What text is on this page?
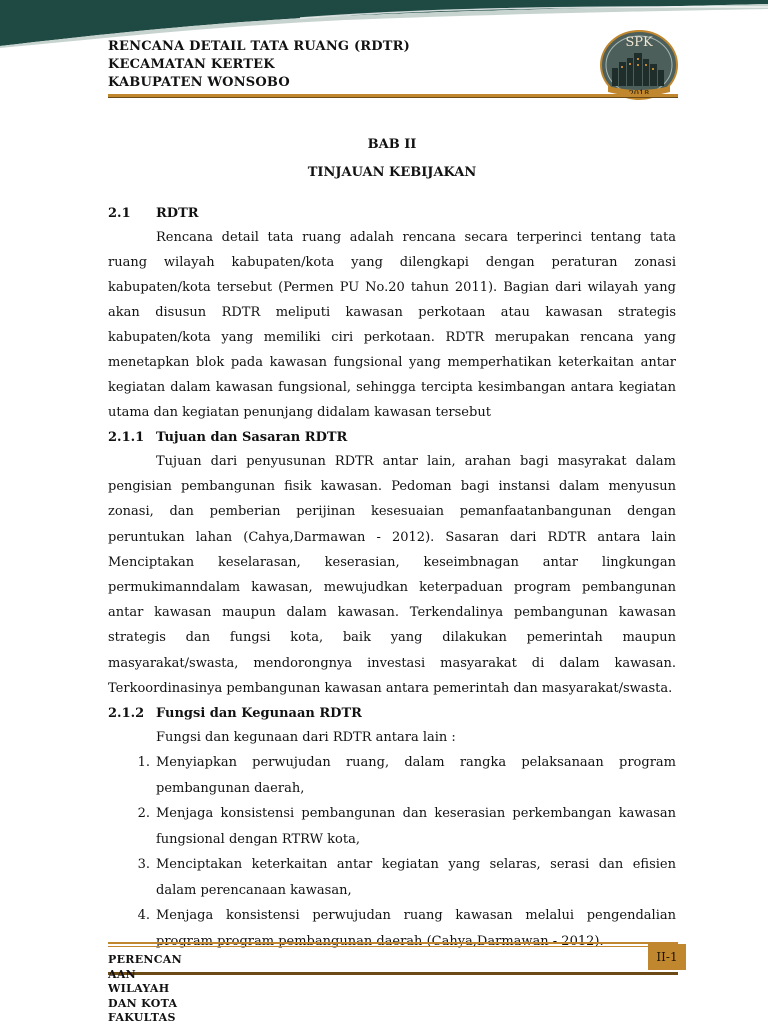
RENCANA DETAIL TATA RUANG (RDTR)
KECAMATAN KERTEK
KABUPATEN WONSOBO
SPK
BAB II
TINJAUAN KEBIJAKAN
2.1	RDTR
Rencana detail tata ruang adalah rencana secara terperinci tentang tata ruang wilayah kabupaten/kota yang dilengkapi dengan peraturan zonasi kabupaten/kota tersebut (Permen PU No.20 tahun 2011). Bagian dari wilayah yang akan disusun RDTR meliputi kawasan perkotaan atau kawasan strategis kabupaten/kota yang memiliki ciri perkotaan. RDTR merupakan rencana yang menetapkan blok pada kawasan fungsional yang memperhatikan keterkaitan antar kegiatan dalam kawasan fungsional, sehingga tercipta kesimbangan antara kegiatan utama dan kegiatan penunjang didalam kawasan tersebut
2.1.1 Tujuan dan Sasaran RDTR
Tujuan dari penyusunan RDTR antar lain, arahan bagi masyrakat dalam pengisian pembangunan fisik kawasan. Pedoman bagi instansi dalam menyusun zonasi, dan pemberian perijinan kesesuaian pemanfaatanbangunan dengan peruntukan lahan (Cahya,Darmawan - 2012). Sasaran dari RDTR antara lain Menciptakan keselarasan, keserasian, keseimbnagan antar lingkungan permukimanndalam kawasan, mewujudkan keterpaduan program pembangunan antar kawasan maupun dalam kawasan. Terkendalinya pembangunan kawasan strategis dan fungsi kota, baik yang dilakukan pemerintah maupun masyarakat/swasta, mendorongnya investasi masyarakat di dalam kawasan. Terkoordinasinya pembangunan kawasan antara pemerintah dan masyarakat/swasta.
2.1.2 Fungsi dan Kegunaan RDTR
Fungsi dan kegunaan dari RDTR antara lain :
1. Menyiapkan perwujudan ruang, dalam rangka pelaksanaan program pembangunan daerah,
2. Menjaga konsistensi pembangunan dan keserasian perkembangan kawasan fungsional dengan RTRW kota,
3. Menciptakan keterkaitan antar kegiatan yang selaras, serasi dan efisien dalam perencanaan kawasan,
4. Menjaga konsistensi perwujudan ruang kawasan melalui pengendalian
PERENCAN
AAN
WILAYAH
DAN KOTA
FAKULTAS
II-1
